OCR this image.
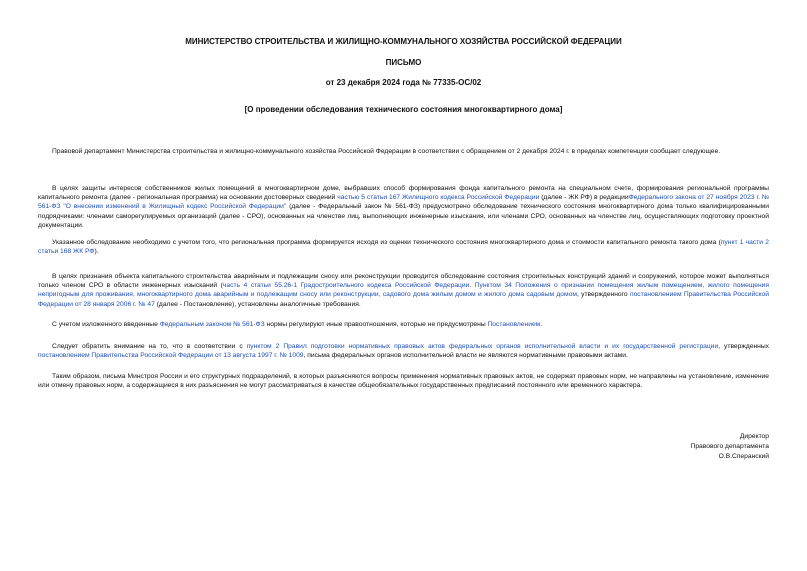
МИНИСТЕРСТВО СТРОИТЕЛЬСТВА И ЖИЛИЩНО-КОММУНАЛЬНОГО ХОЗЯЙСТВА РОССИЙСКОЙ ФЕДЕРАЦИИ
ПИСЬМО
от 23 декабря 2024 года № 77335-ОС/02
[О проведении обследования технического состояния многоквартирного дома]

Правовой департамент Министерства строительства и жилищно-коммунального хозяйства Российской Федерации в соответствии с обращением от 2 декабря 2024 г. в пределах компетенции сообщает следующее.

В целях защиты интересов собственников жилых помещений в многоквартирном доме, выбравших способ формирования фонда капитального ремонта на специальном счете, формирования региональной программы капитального ремонта (далее - региональная программа) на основании достоверных сведений частью 5 статьи 167 Жилищного кодекса Российской Федерации (далее - ЖК РФ) в редакцииФедерального закона от 27 ноября 2023 г. № 561-ФЗ "О внесении изменений в Жилищный кодекс Российской Федерации" (далее - Федеральный закон № 561-ФЗ) предусмотрено обследование технического состояния многоквартирного дома только квалифицированными подрядчиками: членами саморегулируемых организаций (далее - СРО), основанных на членстве лиц, выполняющих инженерные изыскания, или членами СРО, основанных на членстве лиц, осуществляющих подготовку проектной документации.

Указанное обследование необходимо с учетом того, что региональная программа формируется исходя из оценки технического состояния многоквартирного дома и стоимости капитального ремонта такого дома (пункт 1 части 2 статьи 168 ЖК РФ).

В целях признания объекта капитального строительства аварийным и подлежащим сносу или реконструкции проводится обследование состояния строительных конструкций зданий и сооружений, которое может выполняться только членом СРО в области инженерных изысканий (часть 4 статьи 55.26-1 Градостроительного кодекса Российской Федерации. Пунктом 34 Положения о признании помещения жилым помещением, жилого помещения непригодным для проживания, многоквартирного дома аварийным и подлежащим сносу или реконструкции, садового дома жилым домом и жилого дома садовым домом, утвержденного постановлением Правительства Российской Федерации от 28 января 2006 г. № 47 (далее - Постановление), установлены аналогичные требования.

С учетом изложенного введенные Федеральным законом № 561-ФЗ нормы регулируют иные правоотношения, которые не предусмотрены Постановлением.

Следует обратить внимание на то, что в соответствии с пунктом 2 Правил подготовки нормативных правовых актов федеральных органов исполнительной власти и их государственной регистрации, утвержденных постановлением Правительства Российской Федерации от 13 августа 1997 г. № 1009, письма федеральных органов исполнительной власти не являются нормативными правовыми актами.

Таким образом, письма Минстроя России и его структурных подразделений, в которых разъясняются вопросы применения нормативных правовых актов, не содержат правовых норм, не направлены на установление, изменение или отмену правовых норм, а содержащиеся в них разъяснения не могут рассматриваться в качестве общеобязательных государственных предписаний постоянного или временного характера.

Директор
Правового департамента
О.В.Сперанский
